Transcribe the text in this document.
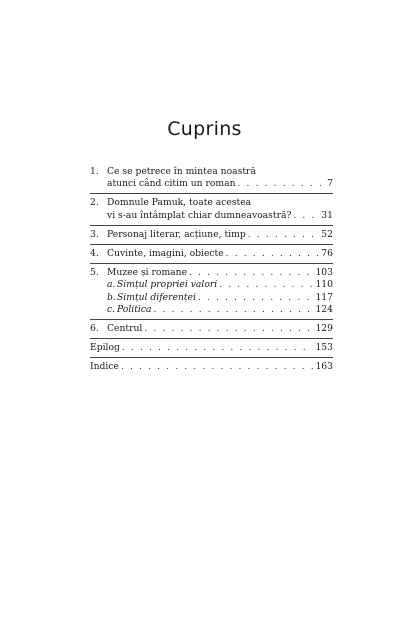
Cuprins
1. Ce se petrece în mintea noastră
atunci când citim un roman . . .	7
2. Domnule Pamuk, toate acestea
vi s-au întâmplat chiar dumneavoastră? . . .	31
3. Personaj literar, acțiune, timp . . .	52
4. Cuvinte, imagini, obiecte . . .	76
5. Muzee și romane . . .	103
a. Simțul propriei valori . . .	110
b. Simțul diferenței . . .	117
c. Politica . . .	124
6. Centrul . . .	129
Epilog . . .	153
Indice . . .	163
